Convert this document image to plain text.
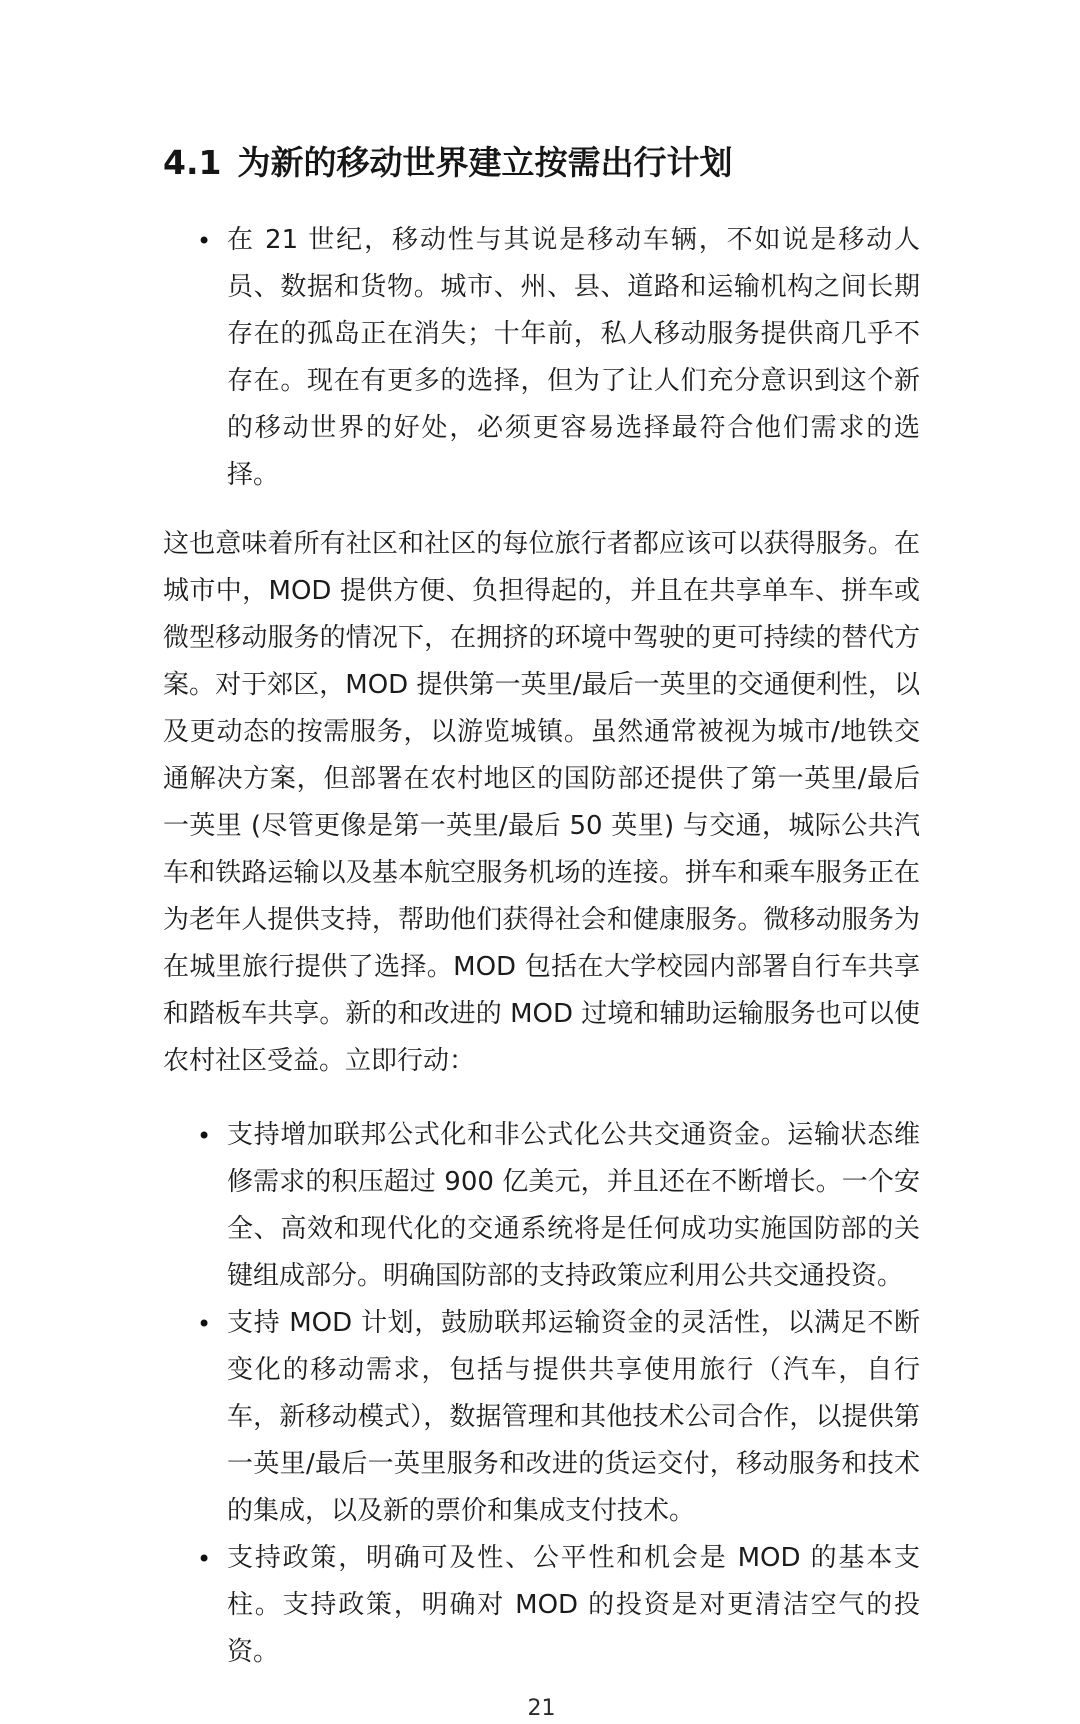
4.1 为新的移动世界建立按需出行计划
• 在 21 世纪，移动性与其说是移动车辆，不如说是移动人员、数据和货物。城市、州、县、道路和运输机构之间长期存在的孤岛正在消失；十年前，私人移动服务提供商几乎不存在。现在有更多的选择，但为了让人们充分意识到这个新的移动世界的好处，必须更容易选择最符合他们需求的选择。

这也意味着所有社区和社区的每位旅行者都应该可以获得服务。在城市中，MOD 提供方便、负担得起的，并且在共享单车、拼车或微型移动服务的情况下，在拥挤的环境中驾驶的更可持续的替代方案。对于郊区，MOD 提供第一英里/最后一英里的交通便利性，以及更动态的按需服务，以游览城镇。虽然通常被视为城市/地铁交通解决方案，但部署在农村地区的国防部还提供了第一英里/最后一英里 (尽管更像是第一英里/最后 50 英里) 与交通，城际公共汽车和铁路运输以及基本航空服务机场的连接。拼车和乘车服务正在为老年人提供支持，帮助他们获得社会和健康服务。微移动服务为在城里旅行提供了选择。MOD 包括在大学校园内部署自行车共享和踏板车共享。新的和改进的 MOD 过境和辅助运输服务也可以使农村社区受益。立即行动：

• 支持增加联邦公式化和非公式化公共交通资金。运输状态维修需求的积压超过 900 亿美元，并且还在不断增长。一个安全、高效和现代化的交通系统将是任何成功实施国防部的关键组成部分。明确国防部的支持政策应利用公共交通投资。
• 支持 MOD 计划，鼓励联邦运输资金的灵活性，以满足不断变化的移动需求，包括与提供共享使用旅行（汽车，自行车，新移动模式），数据管理和其他技术公司合作，以提供第一英里/最后一英里服务和改进的货运交付，移动服务和技术的集成，以及新的票价和集成支付技术。
• 支持政策，明确可及性、公平性和机会是 MOD 的基本支柱。支持政策，明确对 MOD 的投资是对更清洁空气的投资。
21
